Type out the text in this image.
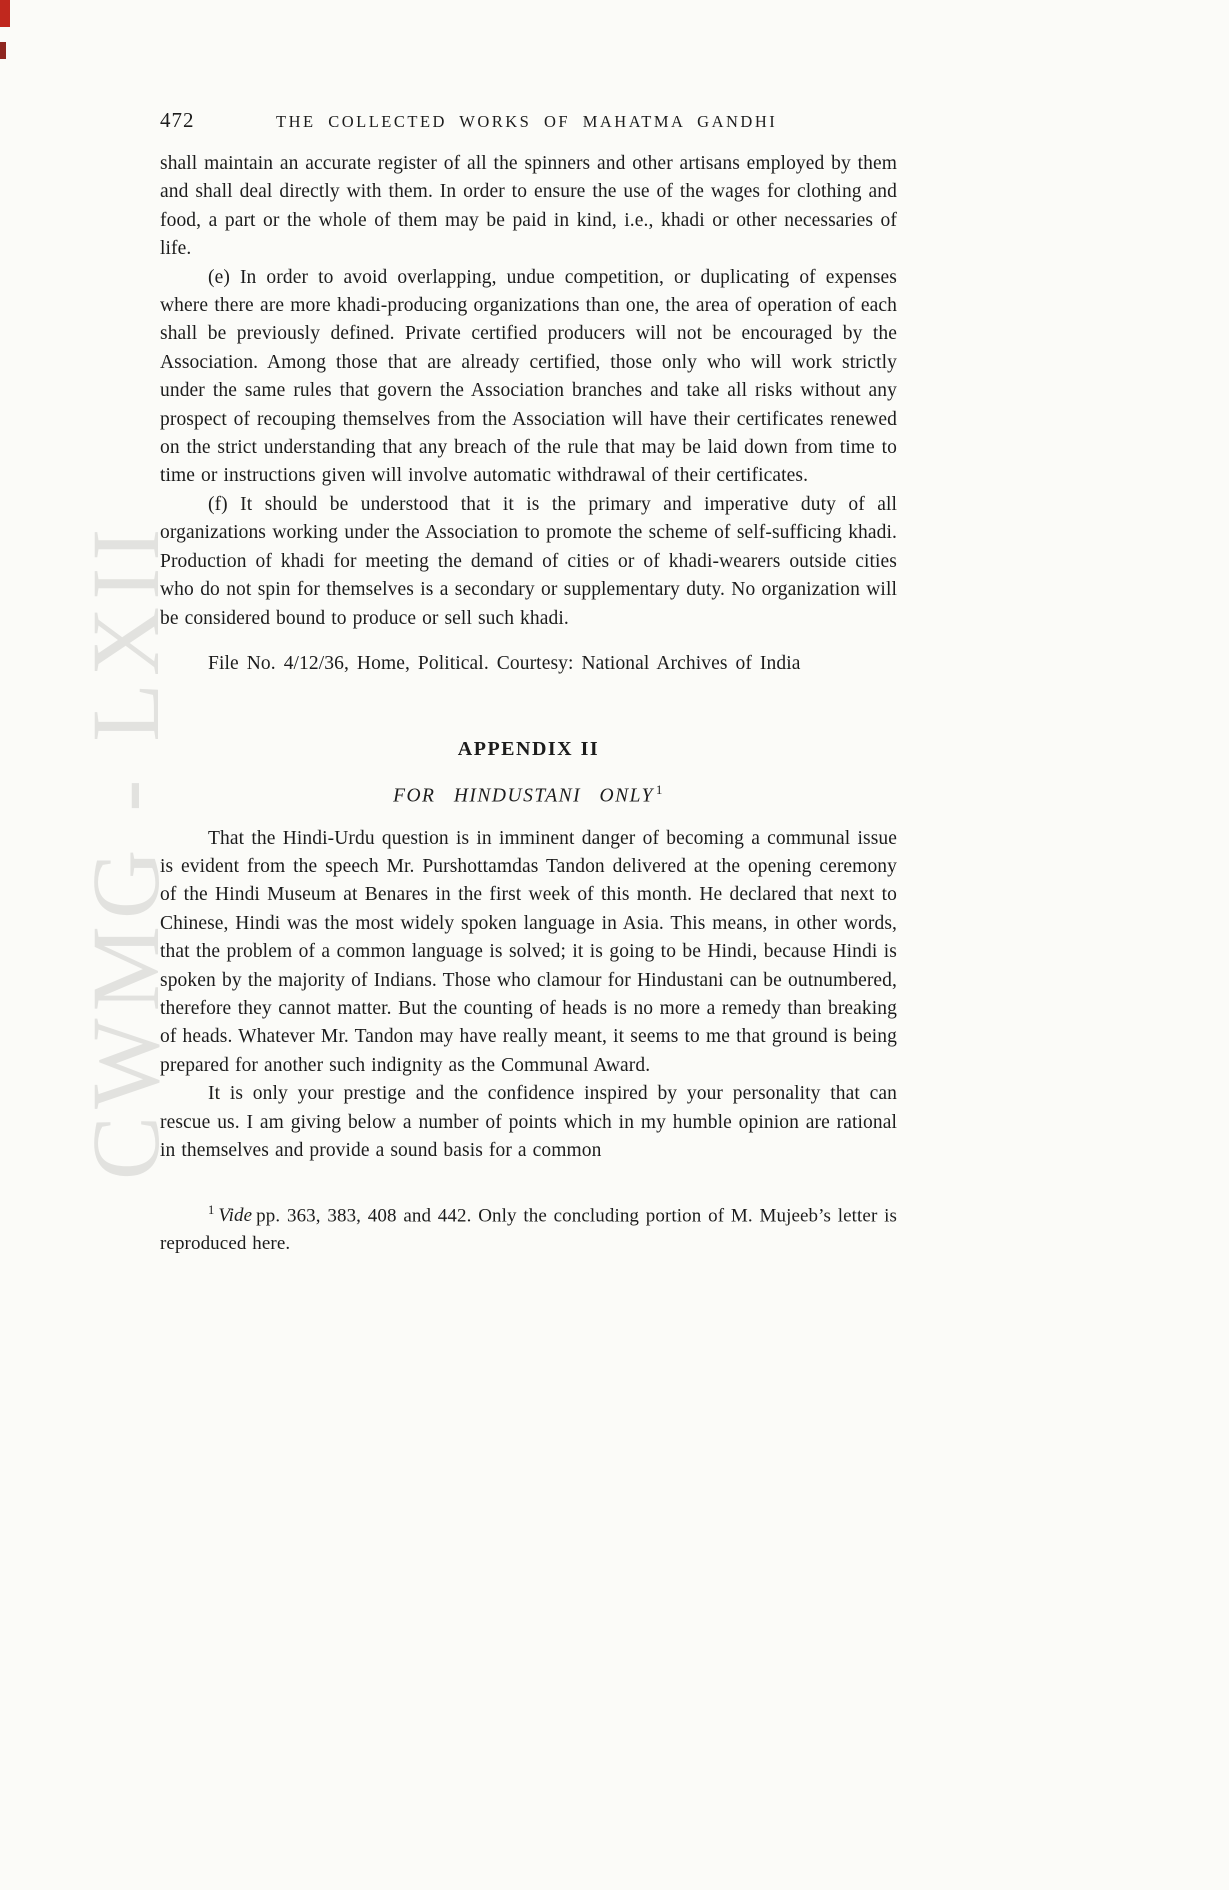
CWMG - LXII
472	THE COLLECTED WORKS OF MAHATMA GANDHI

shall maintain an accurate register of all the spinners and other artisans employed by them and shall deal directly with them. In order to ensure the use of the wages for clothing and food, a part or the whole of them may be paid in kind, i.e., khadi or other necessaries of life.

(e) In order to avoid overlapping, undue competition, or duplicating of expenses where there are more khadi-producing organizations than one, the area of operation of each shall be previously defined. Private certified producers will not be encouraged by the Association. Among those that are already certified, those only who will work strictly under the same rules that govern the Association branches and take all risks without any prospect of recouping themselves from the Association will have their certificates renewed on the strict understanding that any breach of the rule that may be laid down from time to time or instructions given will involve automatic withdrawal of their certificates.

(f) It should be understood that it is the primary and imperative duty of all organizations working under the Association to promote the scheme of self-sufficing khadi. Production of khadi for meeting the demand of cities or of khadi-wearers outside cities who do not spin for themselves is a secondary or supplementary duty. No organization will be considered bound to produce or sell such khadi.

File No. 4/12/36, Home, Political. Courtesy: National Archives of India

APPENDIX II
FOR HINDUSTANI ONLY $^1$

That the Hindi-Urdu question is in imminent danger of becoming a communal issue is evident from the speech Mr. Purshottamdas Tandon delivered at the opening ceremony of the Hindi Museum at Benares in the first week of this month. He declared that next to Chinese, Hindi was the most widely spoken language in Asia. This means, in other words, that the problem of a common language is solved; it is going to be Hindi, because Hindi is spoken by the majority of Indians. Those who clamour for Hindustani can be outnumbered, therefore they cannot matter. But the counting of heads is no more a remedy than breaking of heads. Whatever Mr. Tandon may have really meant, it seems to me that ground is being prepared for another such indignity as the Communal Award.

It is only your prestige and the confidence inspired by your personality that can rescue us. I am giving below a number of points which in my humble opinion are rational in themselves and provide a sound basis for a common

$^1$ Vide pp. 363, 383, 408 and 442. Only the concluding portion of M. Mujeeb’s letter is reproduced here.
